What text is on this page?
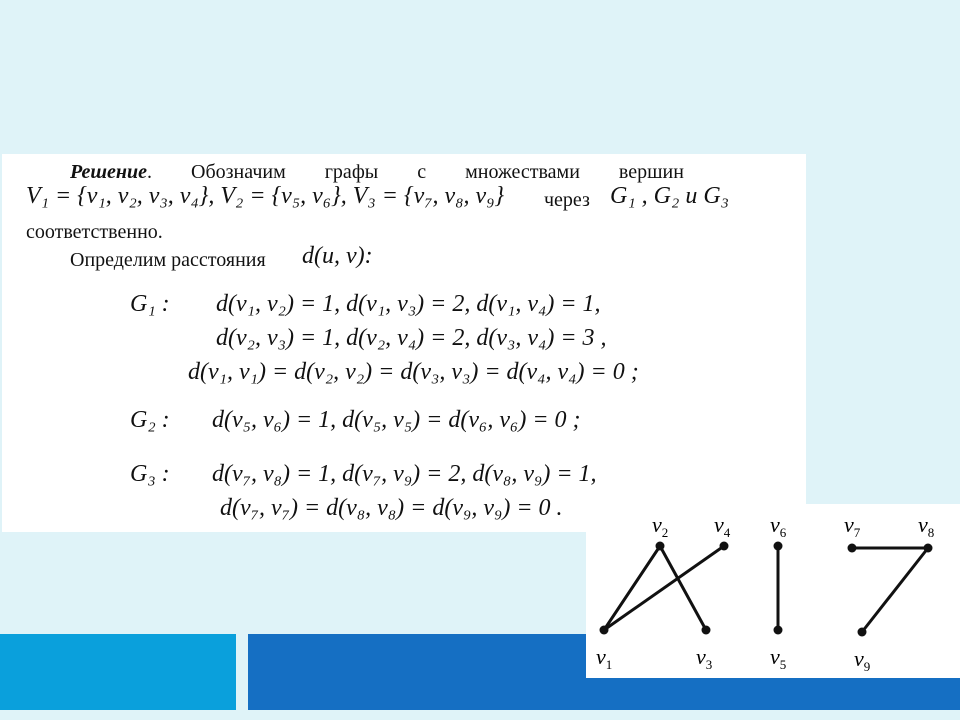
Решение. Обозначим графы с множествами вершин
V₁ = {v₁, v₂, v₃, v₄}, V₂ = {v₅, v₆}, V₃ = {v₇, v₈, v₉} через G₁ , G₂ и G₃
соответственно.
Определим расстояния d(u, v):
G₁ : d(v₁, v₂) = 1, d(v₁, v₃) = 2, d(v₁, v₄) = 1,
d(v₂, v₃) = 1, d(v₂, v₄) = 2, d(v₃, v₄) = 3 ,
d(v₁, v₁) = d(v₂, v₂) = d(v₃, v₃) = d(v₄, v₄) = 0 ;
G₂ : d(v₅, v₆) = 1, d(v₅, v₅) = d(v₆, v₆) = 0 ;
G₃ : d(v₇, v₈) = 1, d(v₇, v₉) = 2, d(v₈, v₉) = 1,
d(v₇, v₇) = d(v₈, v₈) = d(v₉, v₉) = 0 .
$v_1$
$v_2$
$v_3$
$v_4$
$v_5$
$v_6$	$v_7$	$v_8$
$v_9$
